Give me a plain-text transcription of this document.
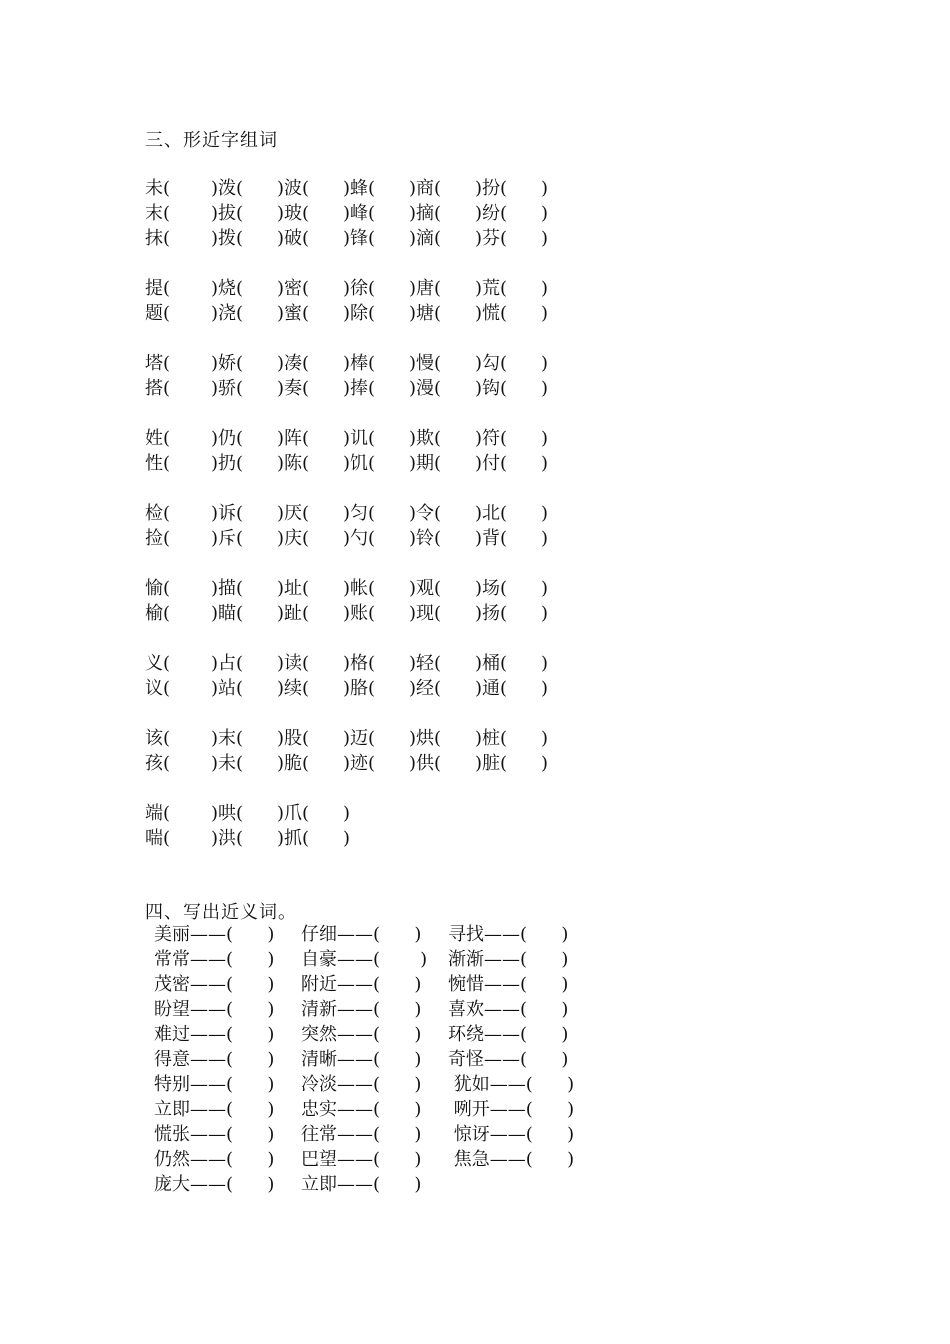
三、形近字组词
未( )泼( )波( )蜂( )商( )扮( )
末( )拔( )玻( )峰( )摘( )纷( )
抹( )拨( )破( )锋( )滴( )芬( )
提( )烧( )密( )徐( )唐( )荒( )
题( )浇( )蜜( )除( )塘( )慌( )
塔( )娇( )凑( )棒( )慢( )勾( )
搭( )骄( )奏( )捧( )漫( )钩( )
姓( )仍( )阵( )讥( )欺( )符( )
性( )扔( )陈( )饥( )期( )付( )
检( )诉( )厌( )匀( )令( )北( )
捡( )斥( )庆( )勺( )铃( )背( )
愉( )描( )址( )帐( )观( )场( )
榆( )瞄( )趾( )账( )现( )扬( )
义( )占( )读( )格( )轻( )桶( )
议( )站( )续( )胳( )经( )通( )
该( )末( )股( )迈( )烘( )桩( )
孩( )未( )脆( )迹( )供( )脏( )
端( )哄( )爪( )
喘( )洪( )抓( )
四、写出近义词。
美丽——(      ) 仔细——(      ) 寻找——(      )
常常——(      ) 自豪——(       ) 渐渐——(      )
茂密——(      ) 附近——(      ) 惋惜——(      )
盼望——(      ) 清新——(      ) 喜欢——(      )
难过——(      ) 突然——(      ) 环绕——(      )
得意——(      ) 清晰——(      ) 奇怪——(      )
特别——(      ) 冷淡——(      ) 犹如——(      )
立即——(      ) 忠实——(      ) 咧开——(      )
慌张——(      ) 往常——(      ) 惊讶——(      )
仍然——(      ) 巴望——(      ) 焦急——(      )
庞大——(      ) 立即——(      )
